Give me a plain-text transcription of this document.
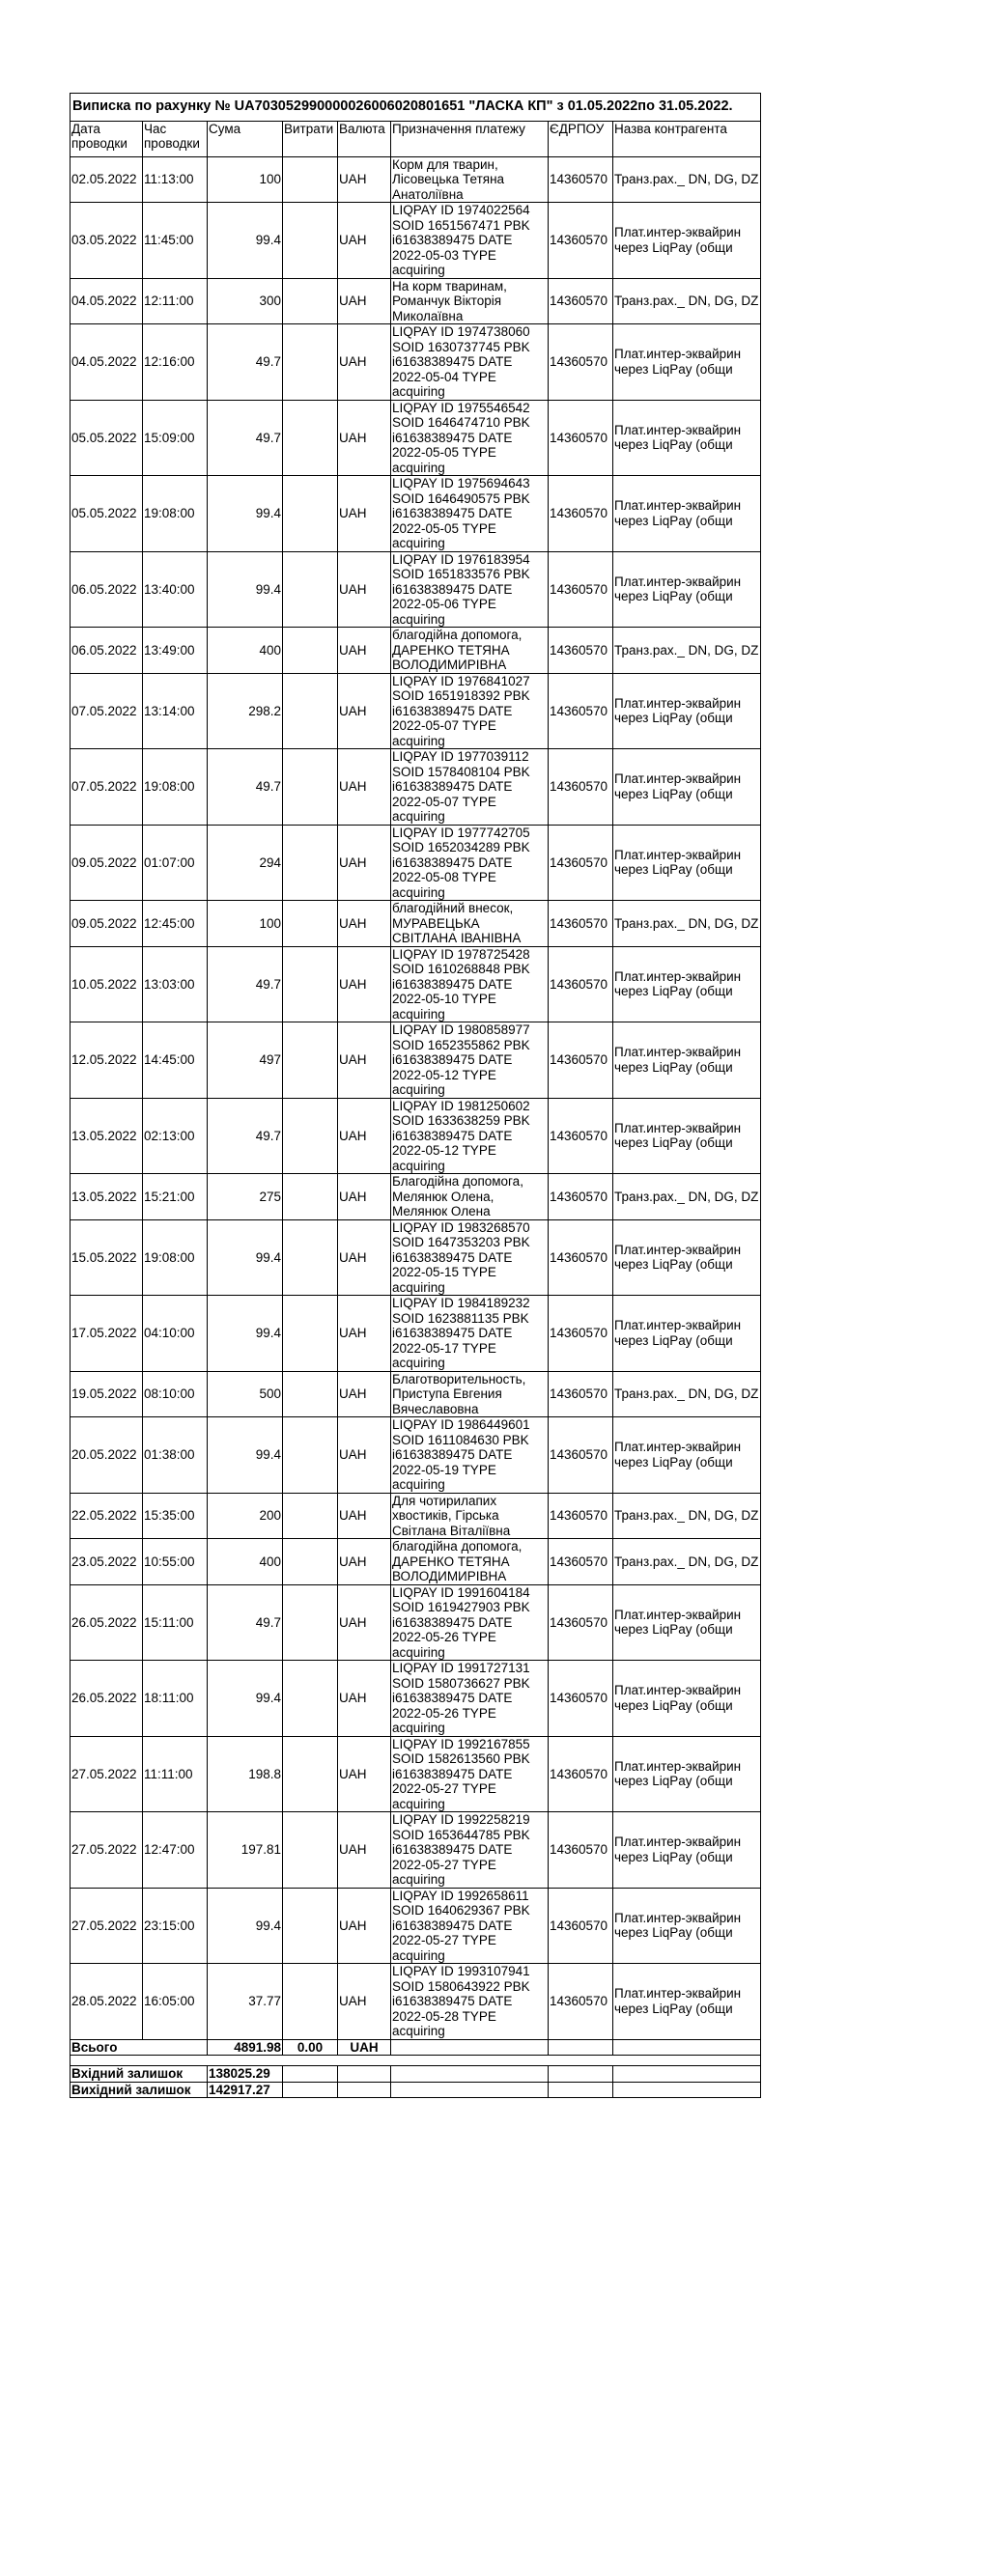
Виписка по рахунку № UA703052990000026006020801651 "ЛАСКА КП" з 01.05.2022по 31.05.2022.							
Дата проводки	Час проводки	Сума	Витрати	Валюта	Призначення платежу	ЄДРПОУ	Назва контрагента
02.05.2022	11:13:00	100		UAH	Корм для тварин, Лісовецька Тетяна Анатоліївна	14360570	Транз.рах._ DN, DG, DZ
03.05.2022	11:45:00	99.4		UAH	LIQPAY ID 1974022564 SOID 1651567471 PBK i61638389475 DATE 2022-05-03 TYPE acquiring	14360570	Плат.интер-эквайрин через LiqPay (общи
04.05.2022	12:11:00	300		UAH	На корм тваринам, Романчук Вікторія Миколаївна	14360570	Транз.рах._ DN, DG, DZ
04.05.2022	12:16:00	49.7		UAH	LIQPAY ID 1974738060 SOID 1630737745 PBK i61638389475 DATE 2022-05-04 TYPE acquiring	14360570	Плат.интер-эквайрин через LiqPay (общи
05.05.2022	15:09:00	49.7		UAH	LIQPAY ID 1975546542 SOID 1646474710 PBK i61638389475 DATE 2022-05-05 TYPE acquiring	14360570	Плат.интер-эквайрин через LiqPay (общи
05.05.2022	19:08:00	99.4		UAH	LIQPAY ID 1975694643 SOID 1646490575 PBK i61638389475 DATE 2022-05-05 TYPE acquiring	14360570	Плат.интер-эквайрин через LiqPay (общи
06.05.2022	13:40:00	99.4		UAH	LIQPAY ID 1976183954 SOID 1651833576 PBK i61638389475 DATE 2022-05-06 TYPE acquiring	14360570	Плат.интер-эквайрин через LiqPay (общи
06.05.2022	13:49:00	400		UAH	благодійна допомога, ДАРЕНКО ТЕТЯНА ВОЛОДИМИРІВНА	14360570	Транз.рах._ DN, DG, DZ
07.05.2022	13:14:00	298.2		UAH	LIQPAY ID 1976841027 SOID 1651918392 PBK i61638389475 DATE 2022-05-07 TYPE acquiring	14360570	Плат.интер-эквайрин через LiqPay (общи
07.05.2022	19:08:00	49.7		UAH	LIQPAY ID 1977039112 SOID 1578408104 PBK i61638389475 DATE 2022-05-07 TYPE acquiring	14360570	Плат.интер-эквайрин через LiqPay (общи
09.05.2022	01:07:00	294		UAH	LIQPAY ID 1977742705 SOID 1652034289 PBK i61638389475 DATE 2022-05-08 TYPE acquiring	14360570	Плат.интер-эквайрин через LiqPay (общи
09.05.2022	12:45:00	100		UAH	благодійний внесок, МУРАВЕЦЬКА СВІТЛАНА ІВАНІВНА	14360570	Транз.рах._ DN, DG, DZ
10.05.2022	13:03:00	49.7		UAH	LIQPAY ID 1978725428 SOID 1610268848 PBK i61638389475 DATE 2022-05-10 TYPE acquiring	14360570	Плат.интер-эквайрин через LiqPay (общи
12.05.2022	14:45:00	497		UAH	LIQPAY ID 1980858977 SOID 1652355862 PBK i61638389475 DATE 2022-05-12 TYPE acquiring	14360570	Плат.интер-эквайрин через LiqPay (общи
13.05.2022	02:13:00	49.7		UAH	LIQPAY ID 1981250602 SOID 1633638259 PBK i61638389475 DATE 2022-05-12 TYPE acquiring	14360570	Плат.интер-эквайрин через LiqPay (общи
13.05.2022	15:21:00	275		UAH	Благодійна допомога, Мелянюк Олена, Мелянюк Олена	14360570	Транз.рах._ DN, DG, DZ
15.05.2022	19:08:00	99.4		UAH	LIQPAY ID 1983268570 SOID 1647353203 PBK i61638389475 DATE 2022-05-15 TYPE acquiring	14360570	Плат.интер-эквайрин через LiqPay (общи
17.05.2022	04:10:00	99.4		UAH	LIQPAY ID 1984189232 SOID 1623881135 PBK i61638389475 DATE 2022-05-17 TYPE acquiring	14360570	Плат.интер-эквайрин через LiqPay (общи
19.05.2022	08:10:00	500		UAH	Благотворительность, Приступа Евгения Вячеславовна	14360570	Транз.рах._ DN, DG, DZ
20.05.2022	01:38:00	99.4		UAH	LIQPAY ID 1986449601 SOID 1611084630 PBK i61638389475 DATE 2022-05-19 TYPE acquiring	14360570	Плат.интер-эквайрин через LiqPay (общи
22.05.2022	15:35:00	200		UAH	Для чотирилапих хвостиків, Гірська Світлана Віталіївна	14360570	Транз.рах._ DN, DG, DZ
23.05.2022	10:55:00	400		UAH	благодійна допомога, ДАРЕНКО ТЕТЯНА ВОЛОДИМИРІВНА	14360570	Транз.рах._ DN, DG, DZ
26.05.2022	15:11:00	49.7		UAH	LIQPAY ID 1991604184 SOID 1619427903 PBK i61638389475 DATE 2022-05-26 TYPE acquiring	14360570	Плат.интер-эквайрин через LiqPay (общи
26.05.2022	18:11:00	99.4		UAH	LIQPAY ID 1991727131 SOID 1580736627 PBK i61638389475 DATE 2022-05-26 TYPE acquiring	14360570	Плат.интер-эквайрин через LiqPay (общи
27.05.2022	11:11:00	198.8		UAH	LIQPAY ID 1992167855 SOID 1582613560 PBK i61638389475 DATE 2022-05-27 TYPE acquiring	14360570	Плат.интер-эквайрин через LiqPay (общи
27.05.2022	12:47:00	197.81		UAH	LIQPAY ID 1992258219 SOID 1653644785 PBK i61638389475 DATE 2022-05-27 TYPE acquiring	14360570	Плат.интер-эквайрин через LiqPay (общи
27.05.2022	23:15:00	99.4		UAH	LIQPAY ID 1992658611 SOID 1640629367 PBK i61638389475 DATE 2022-05-27 TYPE acquiring	14360570	Плат.интер-эквайрин через LiqPay (общи
28.05.2022	16:05:00	37.77		UAH	LIQPAY ID 1993107941 SOID 1580643922 PBK i61638389475 DATE 2022-05-28 TYPE acquiring	14360570	Плат.интер-эквайрин через LiqPay (общи
Всього		4891.98	0.00	UAH			

Вхідний залишок		138025.29					
Вихідний залишок		142917.27					
